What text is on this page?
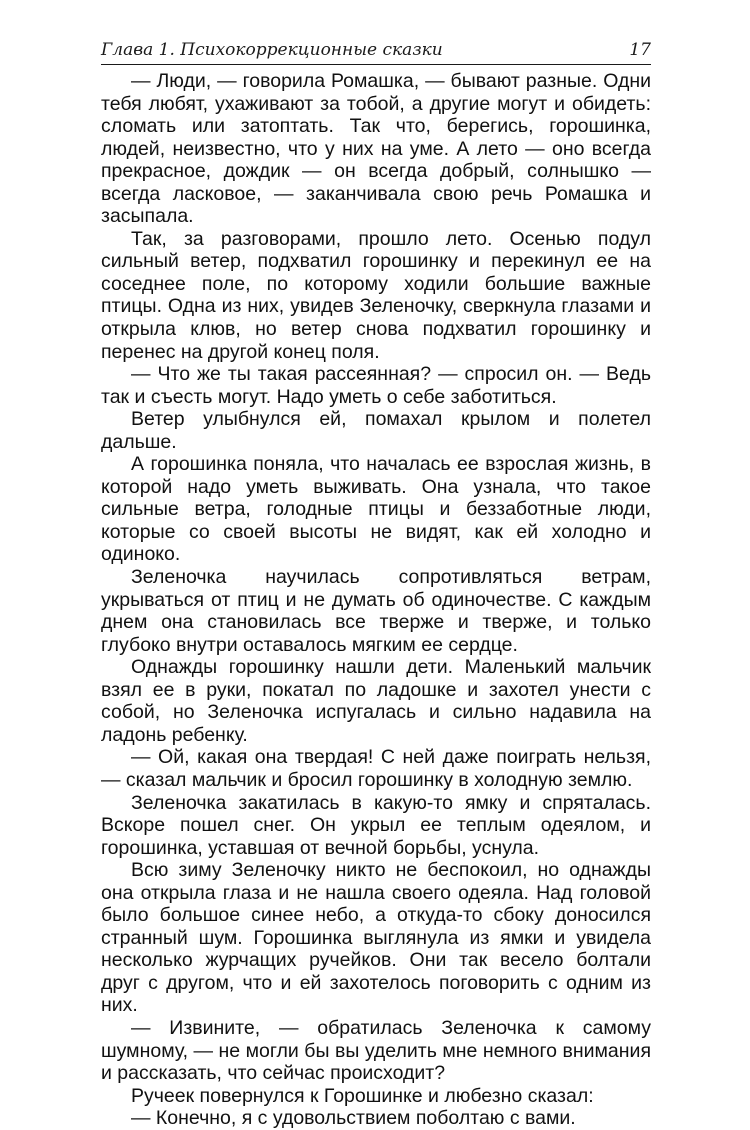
Глава 1. Психокоррекционные сказки	17

— Люди, — говорила Ромашка, — бывают разные. Одни тебя любят, ухаживают за тобой, а другие могут и обидеть: сломать или затоптать. Так что, берегись, горошинка, людей, неизвестно, что у них на уме. А лето — оно всегда прекрасное, дождик — он всегда добрый, солнышко — всегда ласковое, — заканчивала свою речь Ромашка и засыпала.

Так, за разговорами, прошло лето. Осенью подул сильный ветер, подхватил горошинку и перекинул ее на соседнее поле, по которому ходили большие важные птицы. Одна из них, увидев Зеленочку, сверкнула глазами и открыла клюв, но ветер снова подхватил горошинку и перенес на другой конец поля.

— Что же ты такая рассеянная? — спросил он. — Ведь так и съесть могут. Надо уметь о себе заботиться.

Ветер улыбнулся ей, помахал крылом и полетел дальше.

А горошинка поняла, что началась ее взрослая жизнь, в которой надо уметь выживать. Она узнала, что такое сильные ветра, голодные птицы и беззаботные люди, которые со своей высоты не видят, как ей холодно и одиноко.

Зеленочка научилась сопротивляться ветрам, укрываться от птиц и не думать об одиночестве. С каждым днем она становилась все тверже и тверже, и только глубоко внутри оставалось мягким ее сердце.

Однажды горошинку нашли дети. Маленький мальчик взял ее в руки, покатал по ладошке и захотел унести с собой, но Зеленочка испугалась и сильно надавила на ладонь ребенку.

— Ой, какая она твердая! С ней даже поиграть нельзя, — сказал мальчик и бросил горошинку в холодную землю.

Зеленочка закатилась в какую-то ямку и спряталась. Вскоре пошел снег. Он укрыл ее теплым одеялом, и горошинка, уставшая от вечной борьбы, уснула.

Всю зиму Зеленочку никто не беспокоил, но однажды она открыла глаза и не нашла своего одеяла. Над головой было большое синее небо, а откуда-то сбоку доносился странный шум. Горошинка выглянула из ямки и увидела несколько журчащих ручейков. Они так весело болтали друг с другом, что и ей захотелось поговорить с одним из них.

— Извините, — обратилась Зеленочка к самому шумному, — не могли бы вы уделить мне немного внимания и рассказать, что сейчас происходит?

Ручеек повернулся к Горошинке и любезно сказал:

— Конечно, я с удовольствием поболтаю с вами.
